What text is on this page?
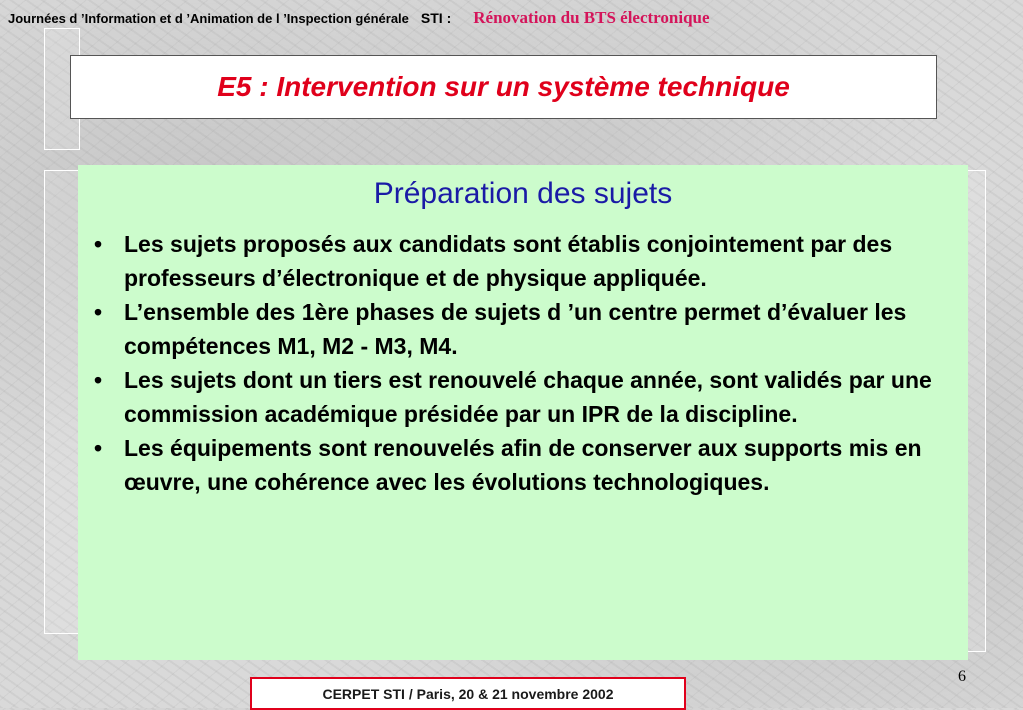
Journées d ’Information et d ’Animation de l ’Inspection générale STI : Rénovation du BTS électronique
E5 : Intervention sur un système technique
Préparation des sujets
• Les sujets proposés aux candidats sont établis conjointement par des professeurs d’électronique et de physique appliquée.
• L’ensemble des 1ère phases de sujets d ’un centre permet d’évaluer les compétences M1, M2 - M3, M4.
• Les sujets dont un tiers est renouvelé chaque année, sont validés par une commission académique présidée par un IPR de la discipline.
• Les équipements sont renouvelés afin de conserver aux supports mis en œuvre, une cohérence avec les évolutions technologiques.
6
CERPET STI / Paris, 20 & 21 novembre 2002
